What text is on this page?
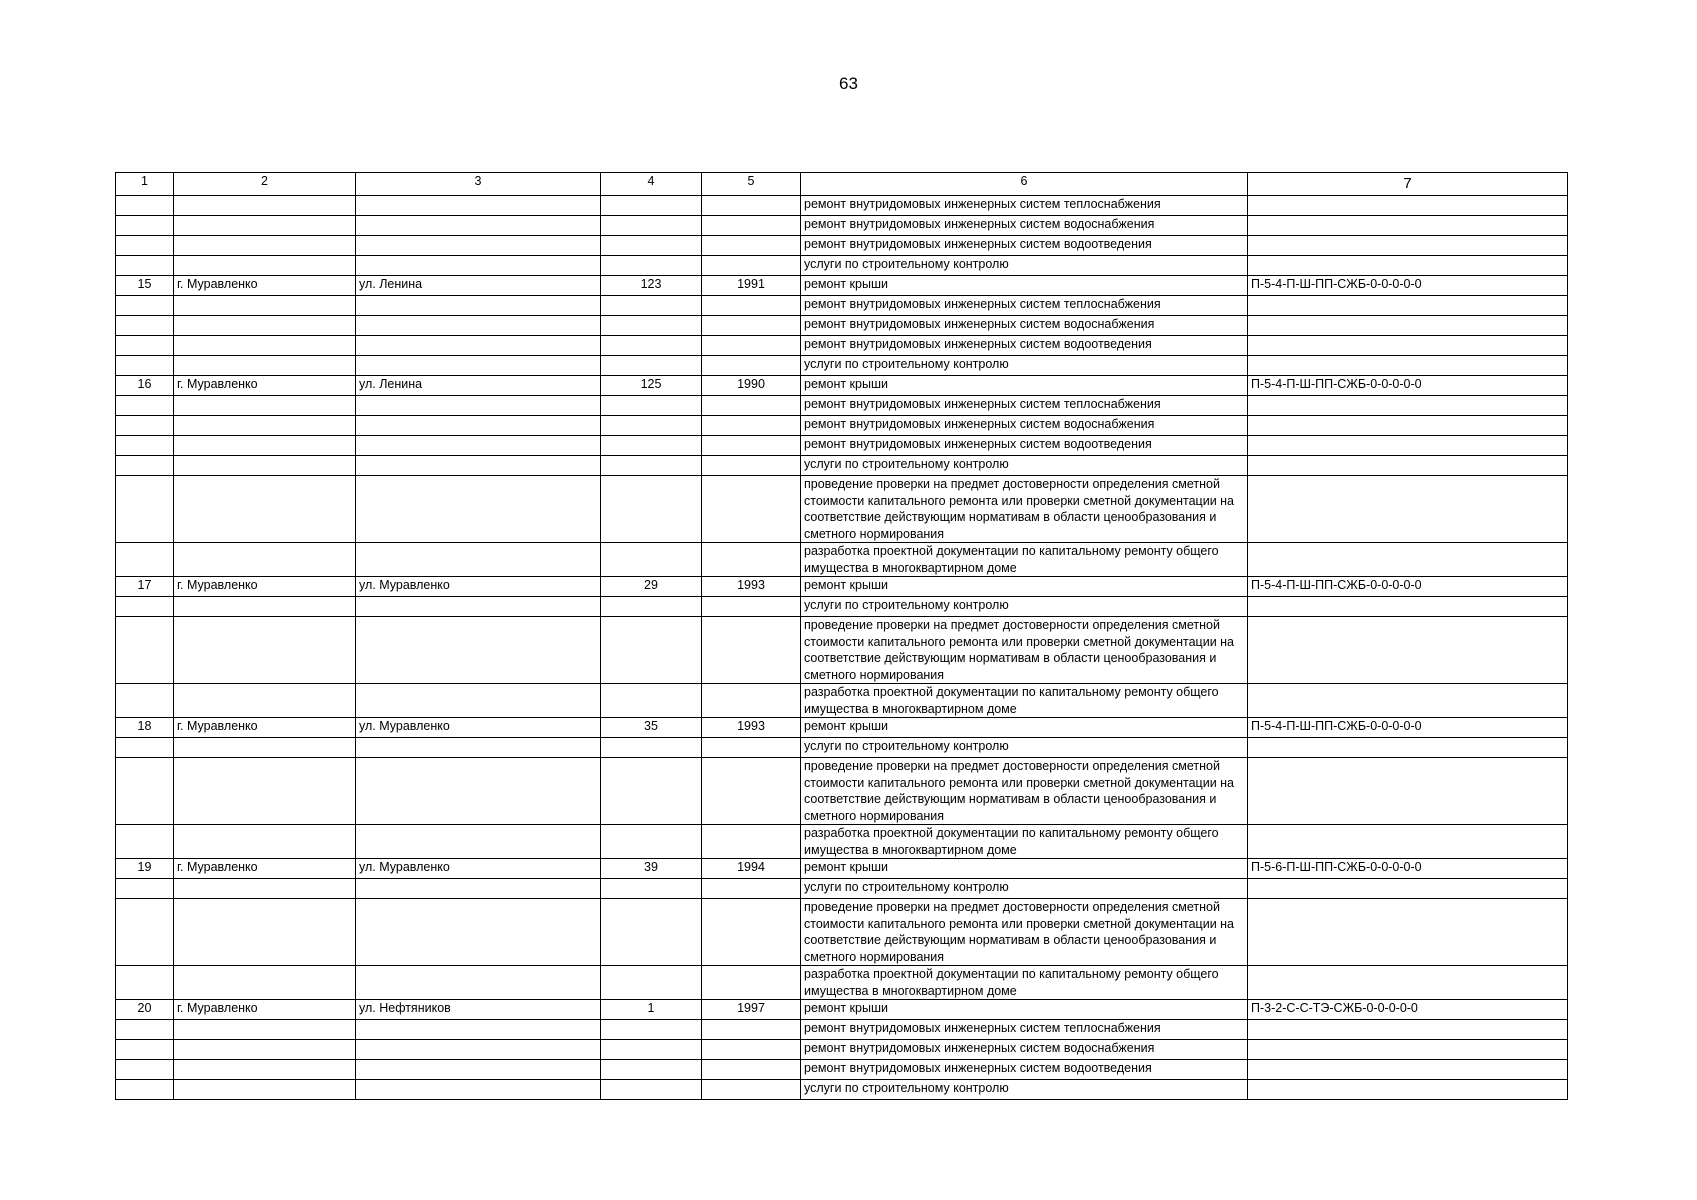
63
1	2	3	4	5	6	7
					ремонт внутридомовых инженерных систем теплоснабжения	
					ремонт внутридомовых инженерных систем водоснабжения	
					ремонт внутридомовых инженерных систем водоотведения	
					услуги по строительному контролю	
15	г. Муравленко	ул. Ленина	123	1991	ремонт крыши	П-5-4-П-Ш-ПП-СЖБ-0-0-0-0-0
					ремонт внутридомовых инженерных систем теплоснабжения	
					ремонт внутридомовых инженерных систем водоснабжения	
					ремонт внутридомовых инженерных систем водоотведения	
					услуги по строительному контролю	
16	г. Муравленко	ул. Ленина	125	1990	ремонт крыши	П-5-4-П-Ш-ПП-СЖБ-0-0-0-0-0
					ремонт внутридомовых инженерных систем теплоснабжения	
					ремонт внутридомовых инженерных систем водоснабжения	
					ремонт внутридомовых инженерных систем водоотведения	
					услуги по строительному контролю	
					проведение проверки на предмет достоверности определения сметной стоимости капитального ремонта или проверки сметной документации на соответствие действующим нормативам в области ценообразования и сметного нормирования	
					разработка проектной документации по капитальному ремонту общего имущества в многоквартирном доме	
17	г. Муравленко	ул. Муравленко	29	1993	ремонт крыши	П-5-4-П-Ш-ПП-СЖБ-0-0-0-0-0
					услуги по строительному контролю	
					проведение проверки на предмет достоверности определения сметной стоимости капитального ремонта или проверки сметной документации на соответствие действующим нормативам в области ценообразования и сметного нормирования	
					разработка проектной документации по капитальному ремонту общего имущества в многоквартирном доме	
18	г. Муравленко	ул. Муравленко	35	1993	ремонт крыши	П-5-4-П-Ш-ПП-СЖБ-0-0-0-0-0
					услуги по строительному контролю	
					проведение проверки на предмет достоверности определения сметной стоимости капитального ремонта или проверки сметной документации на соответствие действующим нормативам в области ценообразования и сметного нормирования	
					разработка проектной документации по капитальному ремонту общего имущества в многоквартирном доме	
19	г. Муравленко	ул. Муравленко	39	1994	ремонт крыши	П-5-6-П-Ш-ПП-СЖБ-0-0-0-0-0
					услуги по строительному контролю	
					проведение проверки на предмет достоверности определения сметной стоимости капитального ремонта или проверки сметной документации на соответствие действующим нормативам в области ценообразования и сметного нормирования	
					разработка проектной документации по капитальному ремонту общего имущества в многоквартирном доме	
20	г. Муравленко	ул. Нефтяников	1	1997	ремонт крыши	П-3-2-С-С-ТЭ-СЖБ-0-0-0-0-0
					ремонт внутридомовых инженерных систем теплоснабжения	
					ремонт внутридомовых инженерных систем водоснабжения	
					ремонт внутридомовых инженерных систем водоотведения	
					услуги по строительному контролю	
